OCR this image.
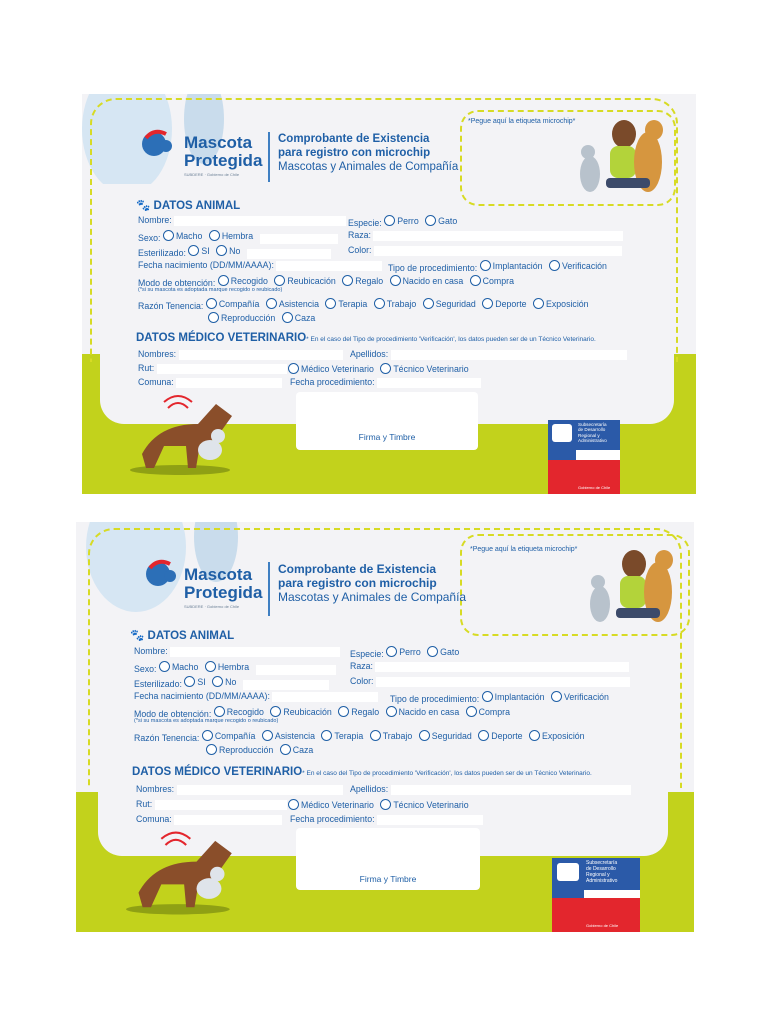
*Pegue aquí la etiqueta microchip*
Mascota
Protegida
SUBDERE · Gobierno de Chile
Comprobante de Existencia
para registro con microchip
Mascotas y Animales de Compañía
🐾 DATOS ANIMAL
Nombre:	Especie: Perro
Gato
Sexo: Macho
Hembra
	Raza:
Esterilizado: SI
No
	Color:
Fecha nacimiento (DD/MM/AAAA):	Tipo de procedimiento: Implantación
Verificación
Modo de obtención: Recogido
Reubicación
Regalo
Nacido en casa
Compra
(*si su mascota es adoptada marque recogido o reubicado)
Razón Tenencia: Compañía
Asistencia
Terapia
Trabajo
Seguridad
Deporte
Exposición
Reproducción
Caza
DATOS MÉDICO VETERINARIO* En el caso del Tipo de procedimiento 'Verificación', los datos pueden ser de un Técnico Veterinario.
Nombres:	Apellidos:
Rut:	Médico Veterinario
Técnico Veterinario
Comuna:	Fecha procedimiento:
Firma y Timbre
Subsecretaría
de Desarrollo
Regional y
Administrativo
Gobierno de Chile
*Pegue aquí la etiqueta microchip*
Mascota
Protegida
SUBDERE · Gobierno de Chile
Comprobante de Existencia
para registro con microchip
Mascotas y Animales de Compañía
🐾 DATOS ANIMAL
Nombre:	Especie: Perro
Gato
Sexo: Macho
Hembra
	Raza:
Esterilizado: SI
No
	Color:
Fecha nacimiento (DD/MM/AAAA):	Tipo de procedimiento: Implantación
Verificación
Modo de obtención: Recogido
Reubicación
Regalo
Nacido en casa
Compra
(*si su mascota es adoptada marque recogido o reubicado)
Razón Tenencia: Compañía
Asistencia
Terapia
Trabajo
Seguridad
Deporte
Exposición
Reproducción
Caza
DATOS MÉDICO VETERINARIO* En el caso del Tipo de procedimiento 'Verificación', los datos pueden ser de un Técnico Veterinario.
Nombres:	Apellidos:
Rut:	Médico Veterinario
Técnico Veterinario
Comuna:	Fecha procedimiento:
Firma y Timbre
Subsecretaría
de Desarrollo
Regional y
Administrativo
Gobierno de Chile
